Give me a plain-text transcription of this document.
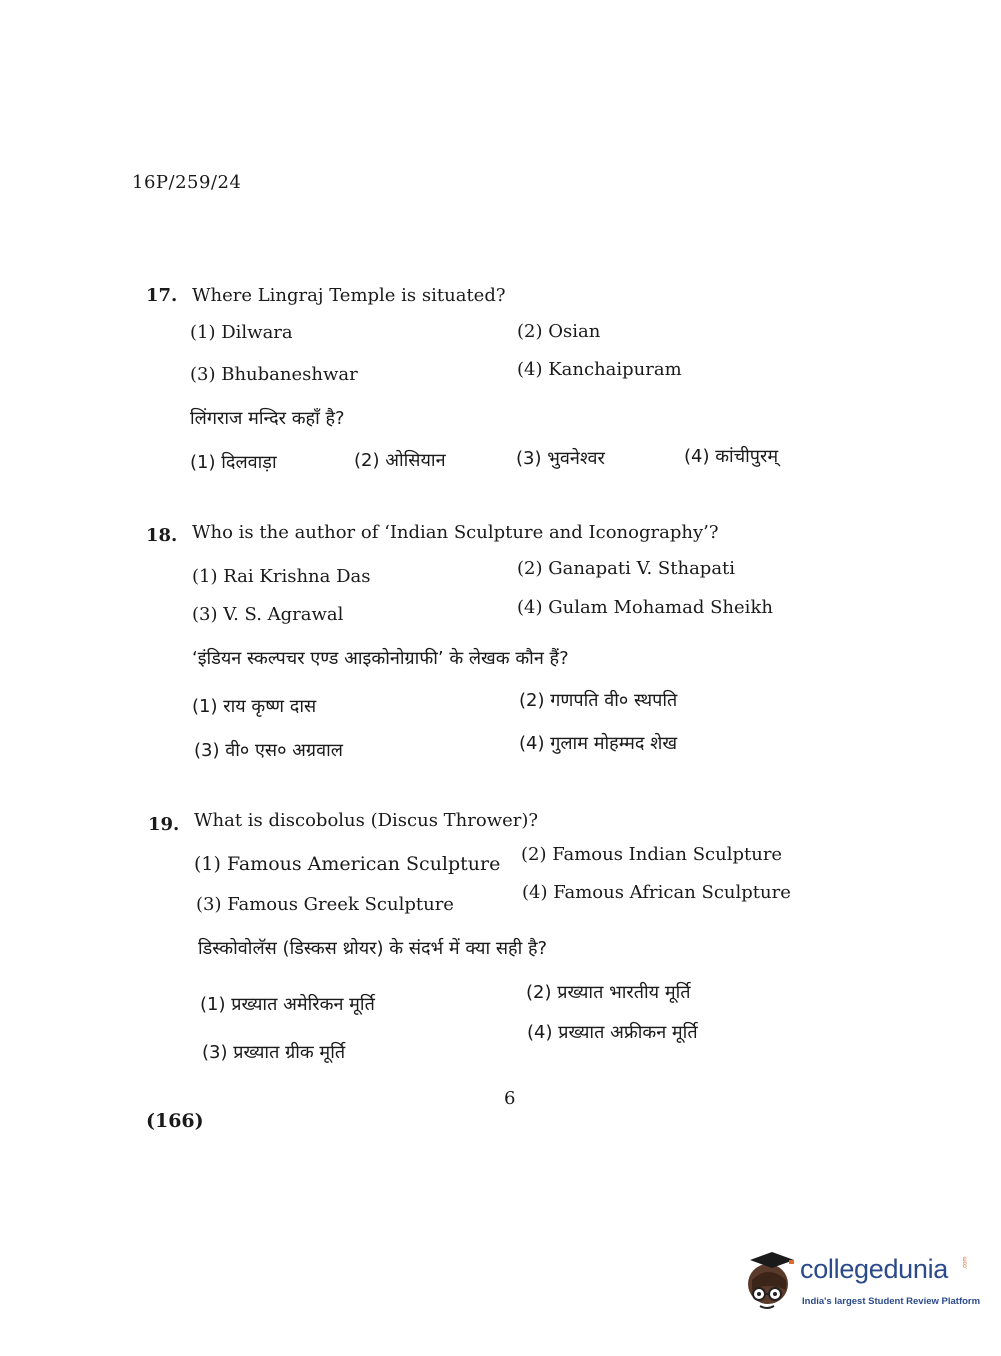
16P/259/24
17. Where Lingraj Temple is situated?
(1) Dilwara	(2) Osian
(3) Bhubaneshwar	(4) Kanchaipuram
लिंगराज मन्दिर कहाँ है?
(1) दिलवाड़ा	(2) ओसियान	(3) भुवनेश्वर	(4) कांचीपुरम्
18. Who is the author of ‘Indian Sculpture and Iconography’?
(1) Rai Krishna Das	(2) Ganapati V. Sthapati
(3) V. S. Agrawal	(4) Gulam Mohamad Sheikh
‘इंडियन स्कल्पचर एण्ड आइकोनोग्राफी’ के लेखक कौन हैं?
(1) राय कृष्ण दास	(2) गणपति वी० स्थपति
(3) वी० एस० अग्रवाल	(4) गुलाम मोहम्मद शेख
19. What is discobolus (Discus Thrower)?
(1) Famous American Sculpture (2) Famous Indian Sculpture
(3) Famous Greek Sculpture
(4) Famous African Sculpture
डिस्कोवोलॅस (डिस्कस थ्रोयर) के संदर्भ में क्या सही है?
(1) प्रख्यात अमेरिकन मूर्ति
(2) प्रख्यात भारतीय मूर्ति
(3) प्रख्यात ग्रीक मूर्ति
(4) प्रख्यात अफ्रीकन मूर्ति
6
(166)
collegedunia .com
India's largest Student Review Platform
